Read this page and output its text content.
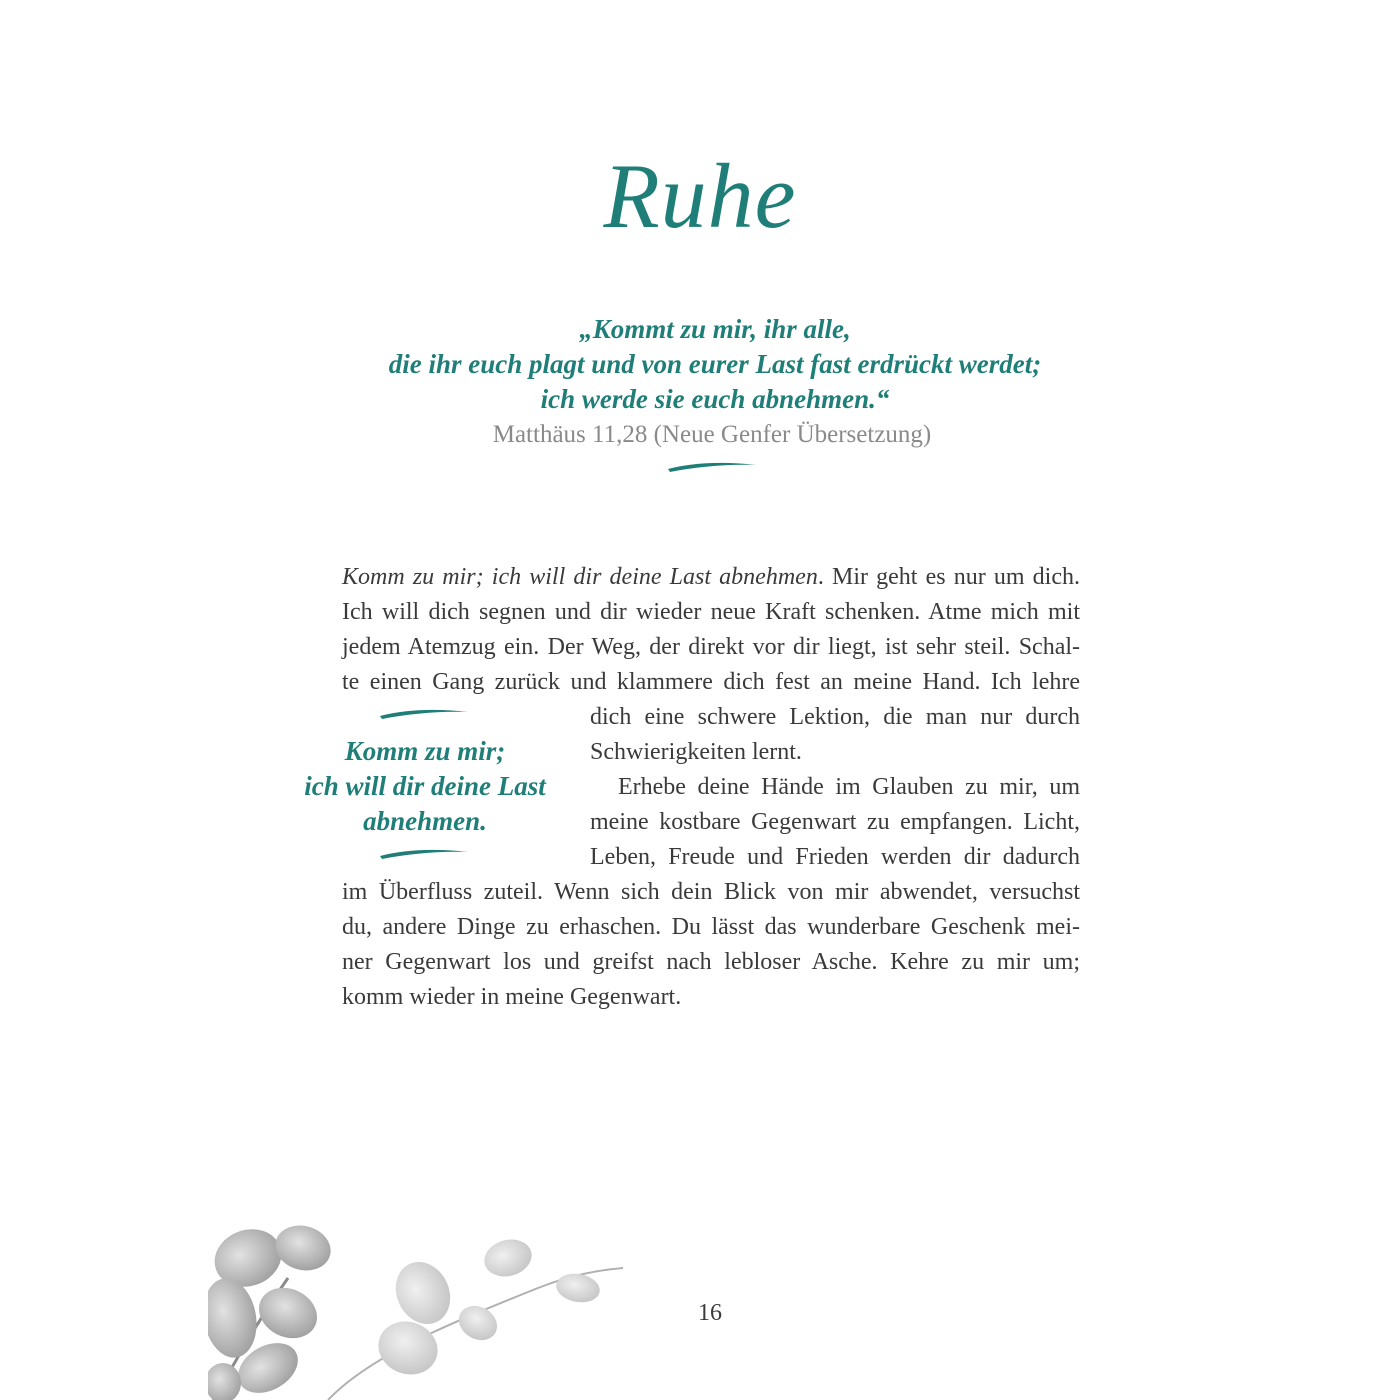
Ruhe
„Kommt zu mir, ihr alle,
die ihr euch plagt und von eurer Last fast erdrückt werdet;
ich werde sie euch abnehmen.“
Matthäus 11,28 (Neue Genfer Übersetzung)
Komm zu mir; ich will dir deine Last abnehmen. Mir geht es nur um dich.
Ich will dich segnen und dir wieder neue Kraft schenken. Atme mich mit
jedem Atemzug ein. Der Weg, der direkt vor dir liegt, ist sehr steil. Schal-
te einen Gang zurück und klammere dich fest an meine Hand. Ich lehre
dich eine schwere Lektion, die man nur durch
Schwierigkeiten lernt.
Erhebe deine Hände im Glauben zu mir, um
meine kostbare Gegenwart zu empfangen. Licht,
Leben, Freude und Frieden werden dir dadurch
im Überfluss zuteil. Wenn sich dein Blick von mir abwendet, versuchst
du, andere Dinge zu erhaschen. Du lässt das wunderbare Geschenk mei-
ner Gegenwart los und greifst nach lebloser Asche. Kehre zu mir um;
komm wieder in meine Gegenwart.
Komm zu mir;
ich will dir deine Last
abnehmen.
16
